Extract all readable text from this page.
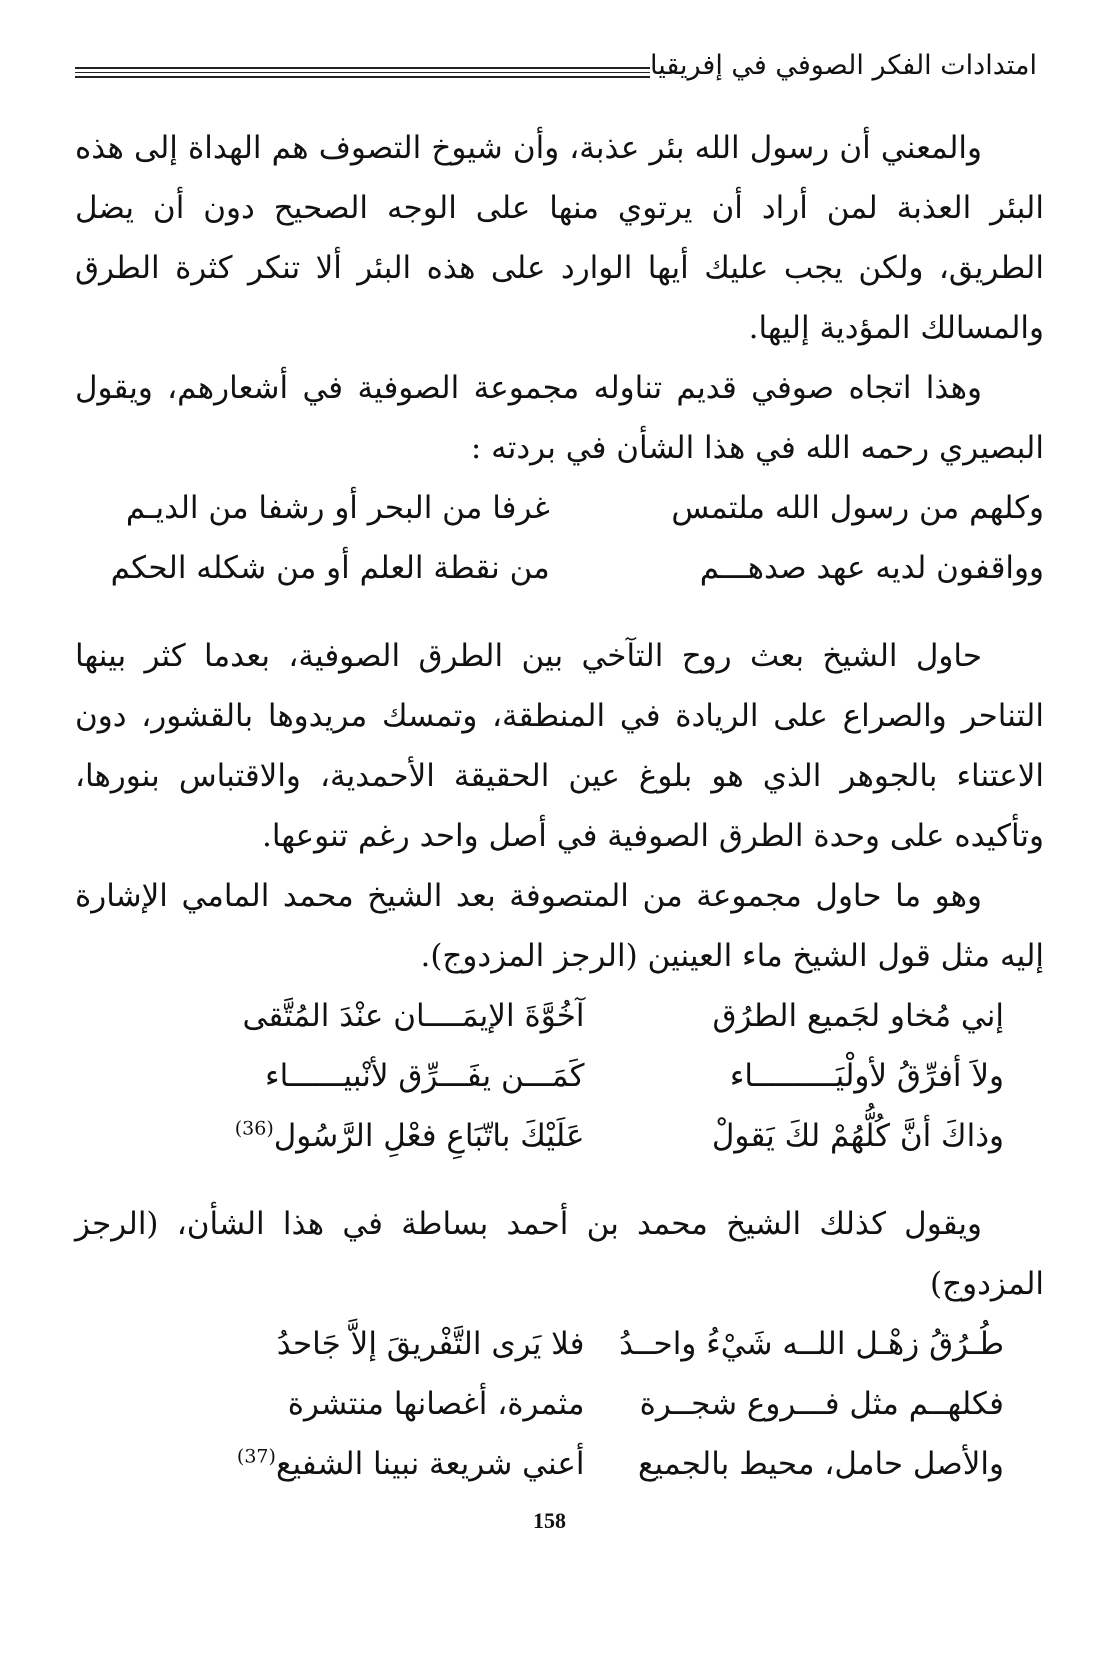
امتدادات الفكر الصوفي في إفريقيا

والمعني أن رسول الله بئر عذبة، وأن شيوخ التصوف هم الهداة إلى هذه البئر العذبة لمن أراد أن يرتوي منها على الوجه الصحيح دون أن يضل الطريق، ولكن يجب عليك أيها الوارد على هذه البئر ألا تنكر كثرة الطرق والمسالك المؤدية إليها.

وهذا اتجاه صوفي قديم تناوله مجموعة الصوفية في أشعارهم، ويقول البصيري رحمه الله في هذا الشأن في بردته :

وكلهم من رسول الله ملتمس
غرفا من البحر أو رشفا من الديـم
وواقفون لديه عهد صدهـــم
من نقطة العلم أو من شكله الحكم

حاول الشيخ بعث روح التآخي بين الطرق الصوفية، بعدما كثر بينها التناحر والصراع على الريادة في المنطقة، وتمسك مريدوها بالقشور، دون الاعتناء بالجوهر الذي هو بلوغ عين الحقيقة الأحمدية، والاقتباس بنورها، وتأكيده على وحدة الطرق الصوفية في أصل واحد رغم تنوعها.

وهو ما حاول مجموعة من المتصوفة بعد الشيخ محمد المامي الإشارة إليه مثل قول الشيخ ماء العينين (الرجز المزدوج).

إني مُخاو لجَميع الطرُق
آخُوَّةَ الإيمَــــان عنْدَ المُتَّقى
ولاَ أفرِّقُ لأولْيَـــــــــاء
كَمَـــن يفَـــرِّق لأنْبيــــــاء
وذاكَ أنَّ كُلُّهُمْ لكَ يَقولْ
عَلَيْكَ باتّبَاعِ فعْلِ الرَّسُول$^{(36)}$

ويقول كذلك الشيخ محمد بن أحمد بساطة في هذا الشأن، (الرجز المزدوج)

طُـرُقُ زهْـل اللــه شَيْءُ واحــدُ
فلا يَرى التَّفْريقَ إلاَّ جَاحدُ
فكلهــم مثل فـــروع شجــرة
مثمرة، أغصانها منتشرة
والأصل حامل، محيط بالجميع
أعني شريعة نبينا الشفيع$^{(37)}$
158
